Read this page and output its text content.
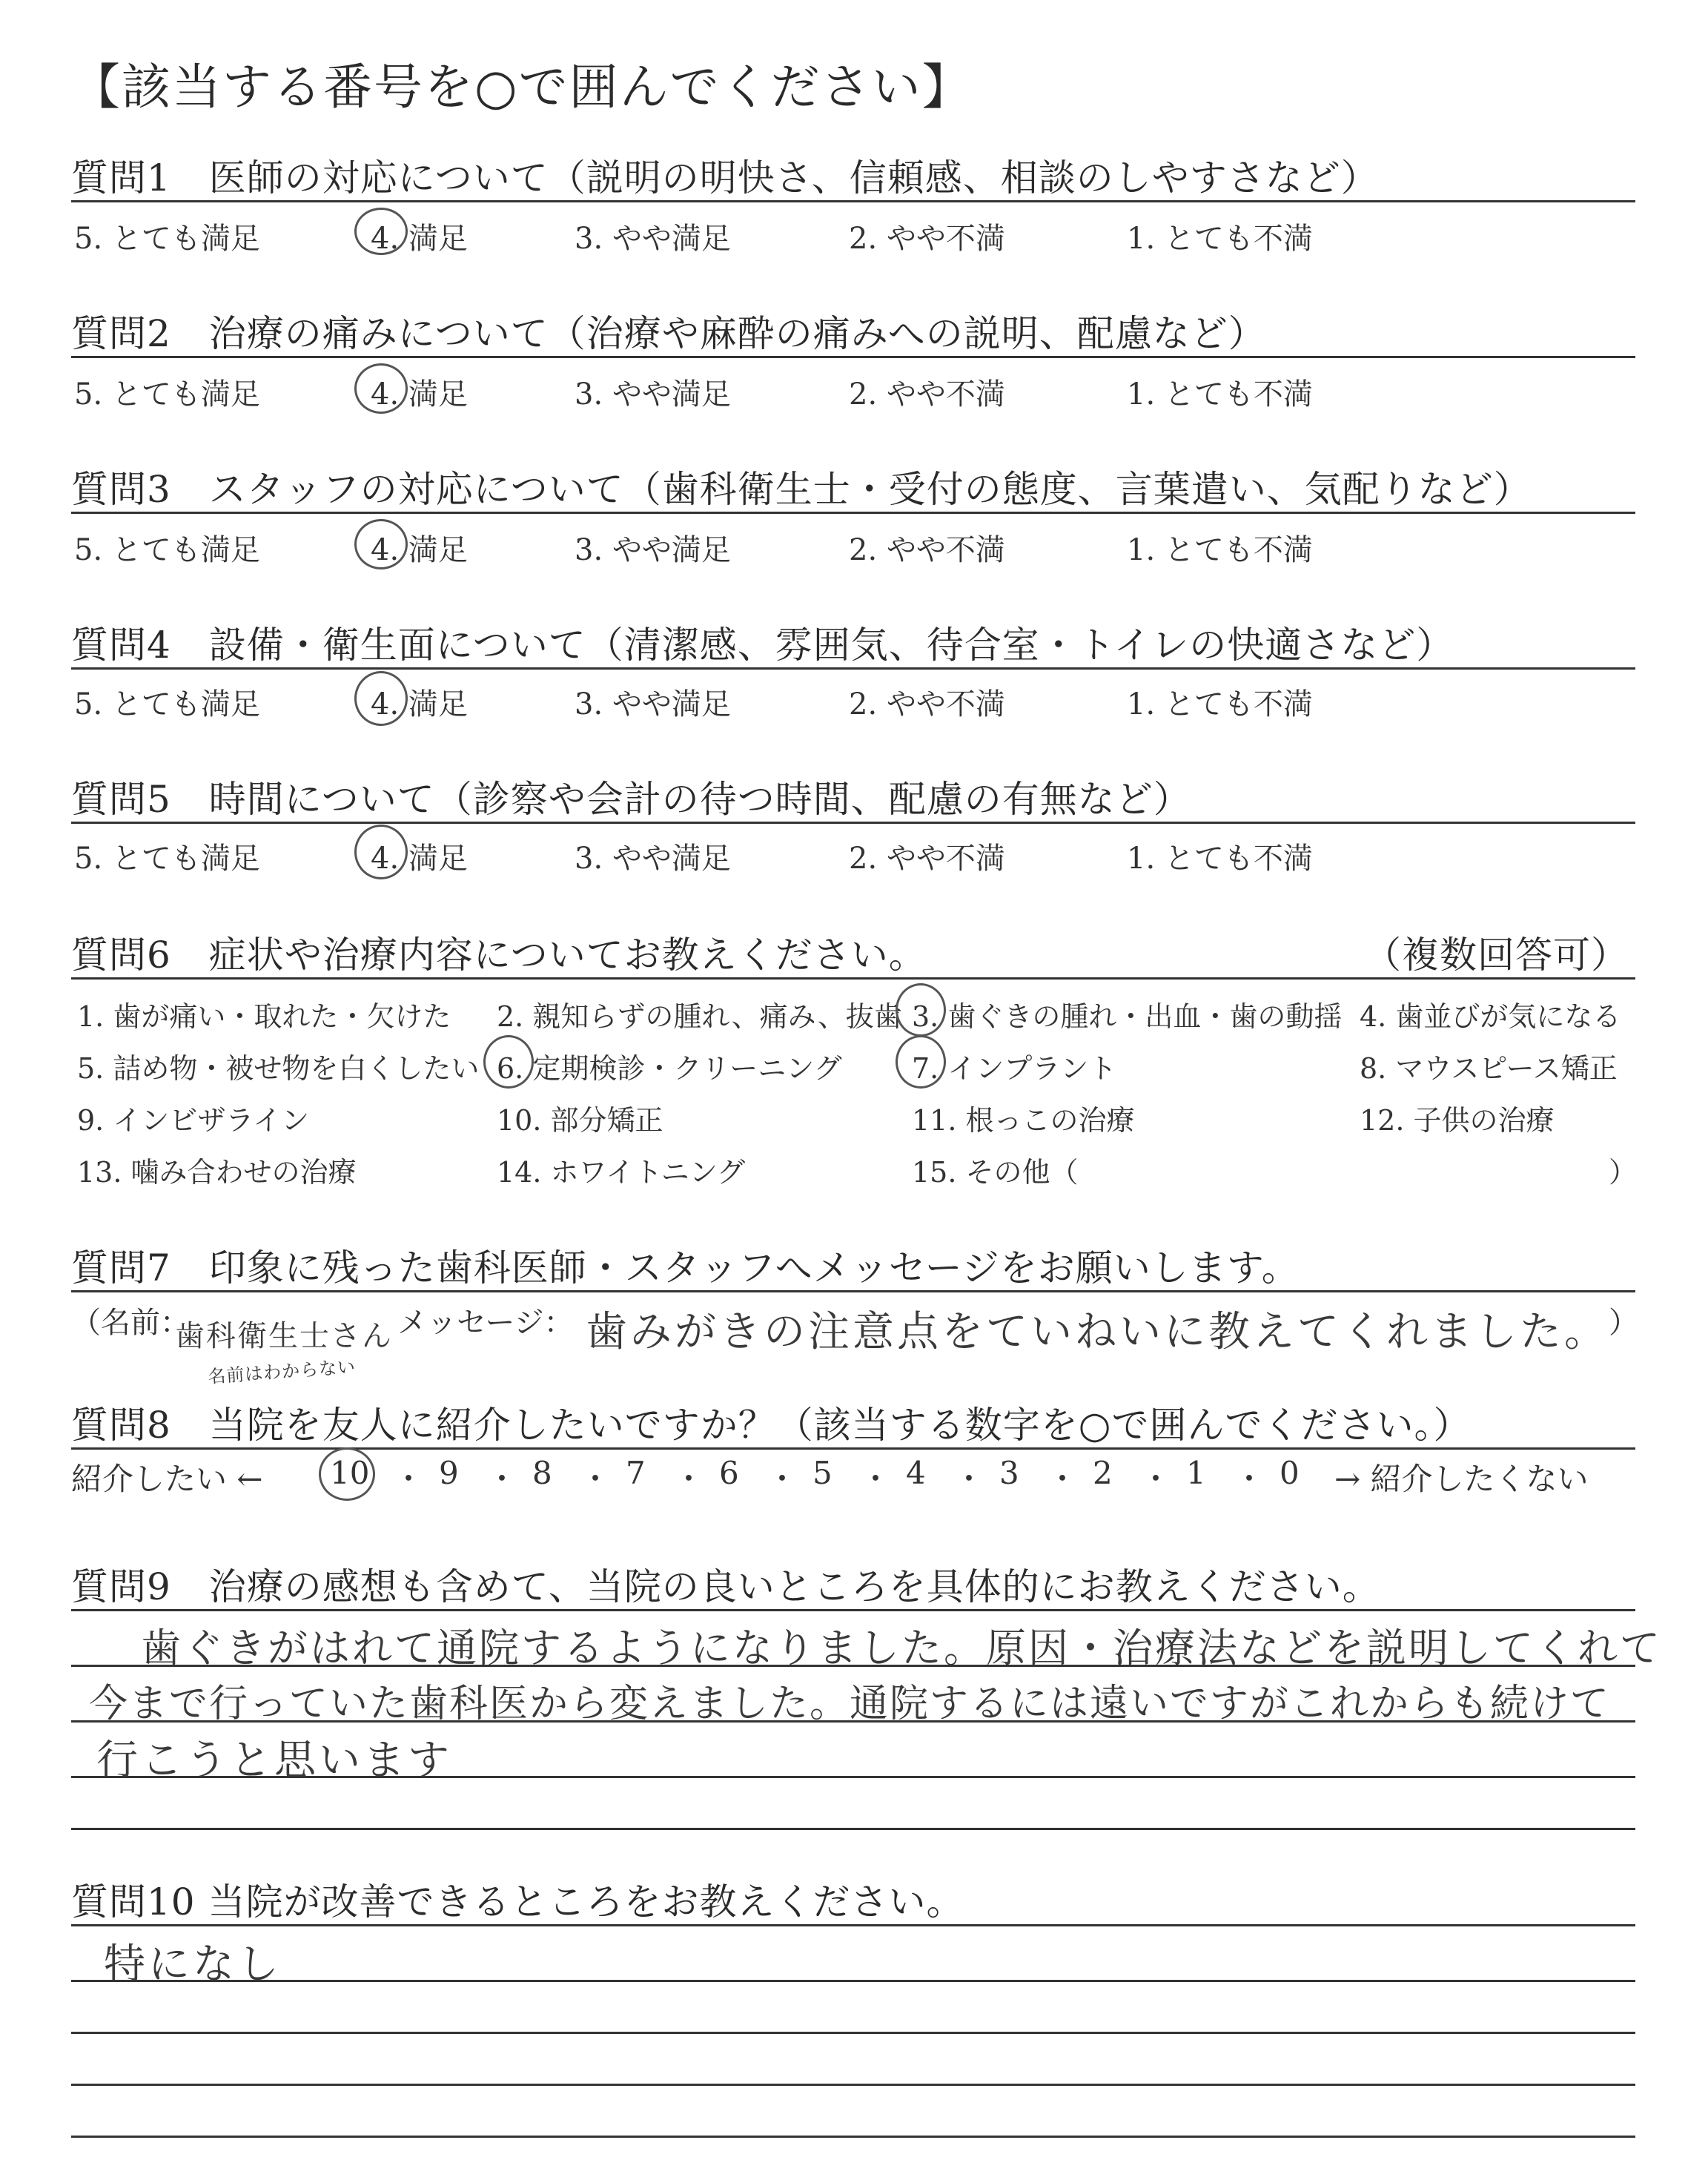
【該当する番号を○で囲んでください】
質問1　医師の対応について（説明の明快さ、信頼感、相談のしやすさなど）
5. とても満足	4. 満足	3. やや満足	2. やや不満	1. とても不満
質問2　治療の痛みについて（治療や麻酔の痛みへの説明、配慮など）
5. とても満足	4. 満足	3. やや満足	2. やや不満	1. とても不満
質問3　スタッフの対応について（歯科衛生士・受付の態度、言葉遣い、気配りなど）
5. とても満足	4. 満足	3. やや満足	2. やや不満	1. とても不満
質問4　設備・衛生面について（清潔感、雰囲気、待合室・トイレの快適さなど）
5. とても満足	4. 満足	3. やや満足	2. やや不満	1. とても不満
質問5　時間について（診察や会計の待つ時間、配慮の有無など）
5. とても満足	4. 満足	3. やや満足	2. やや不満	1. とても不満
質問6　症状や治療内容についてお教えください。	（複数回答可）
1. 歯が痛い・取れた・欠けた 2. 親知らずの腫れ、痛み、抜歯 3. 歯ぐきの腫れ・出血・歯の動揺 4. 歯並びが気になる
5. 詰め物・被せ物を白くしたい 6. 定期検診・クリーニング 7. インプラント	8. マウスピース矯正
9. インビザライン	10. 部分矯正	11. 根っこの治療	12. 子供の治療
13. 噛み合わせの治療	14. ホワイトニング	15. その他（	）
質問7　印象に残った歯科医師・スタッフへメッセージをお願いします。
（名前：
歯科衛生士さん
名前はわからない
メッセージ： 歯みがきの注意点をていねいに教えてくれました。 ）
質問8　当院を友人に紹介したいですか？（該当する数字を○で囲んでください。）
紹介したい ← 10 ・ 9 ・ 8 ・ 7 ・ 6 ・ 5 ・ 4 ・ 3 ・ 2 ・ 1 ・ 0 → 紹介したくない
質問9　治療の感想も含めて、当院の良いところを具体的にお教えください。
歯ぐきがはれて通院するようになりました。原因・治療法などを説明してくれて
今まで行っていた歯科医から変えました。通院するには遠いですがこれからも続けて
行こうと思います
質問10 当院が改善できるところをお教えください。
特になし
